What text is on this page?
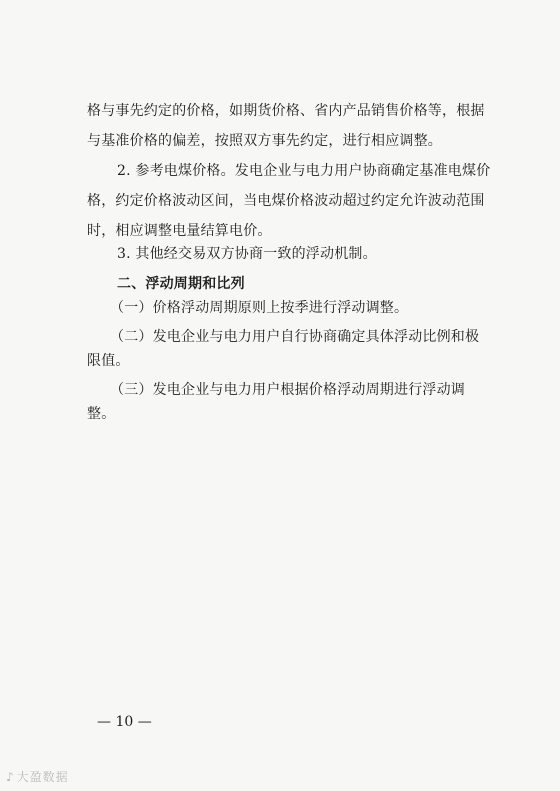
格与事先约定的价格，如期货价格、省内产品销售价格等，根据
与基准价格的偏差，按照双方事先约定，进行相应调整。
2. 参考电煤价格。发电企业与电力用户协商确定基准电煤价
格，约定价格波动区间，当电煤价格波动超过约定允许波动范围
时，相应调整电量结算电价。
3. 其他经交易双方协商一致的浮动机制。
二、浮动周期和比列
（一）价格浮动周期原则上按季进行浮动调整。
（二）发电企业与电力用户自行协商确定具体浮动比例和极
限值。
（三）发电企业与电力用户根据价格浮动周期进行浮动调
整。
— 10 —
♪ 大盈数据
